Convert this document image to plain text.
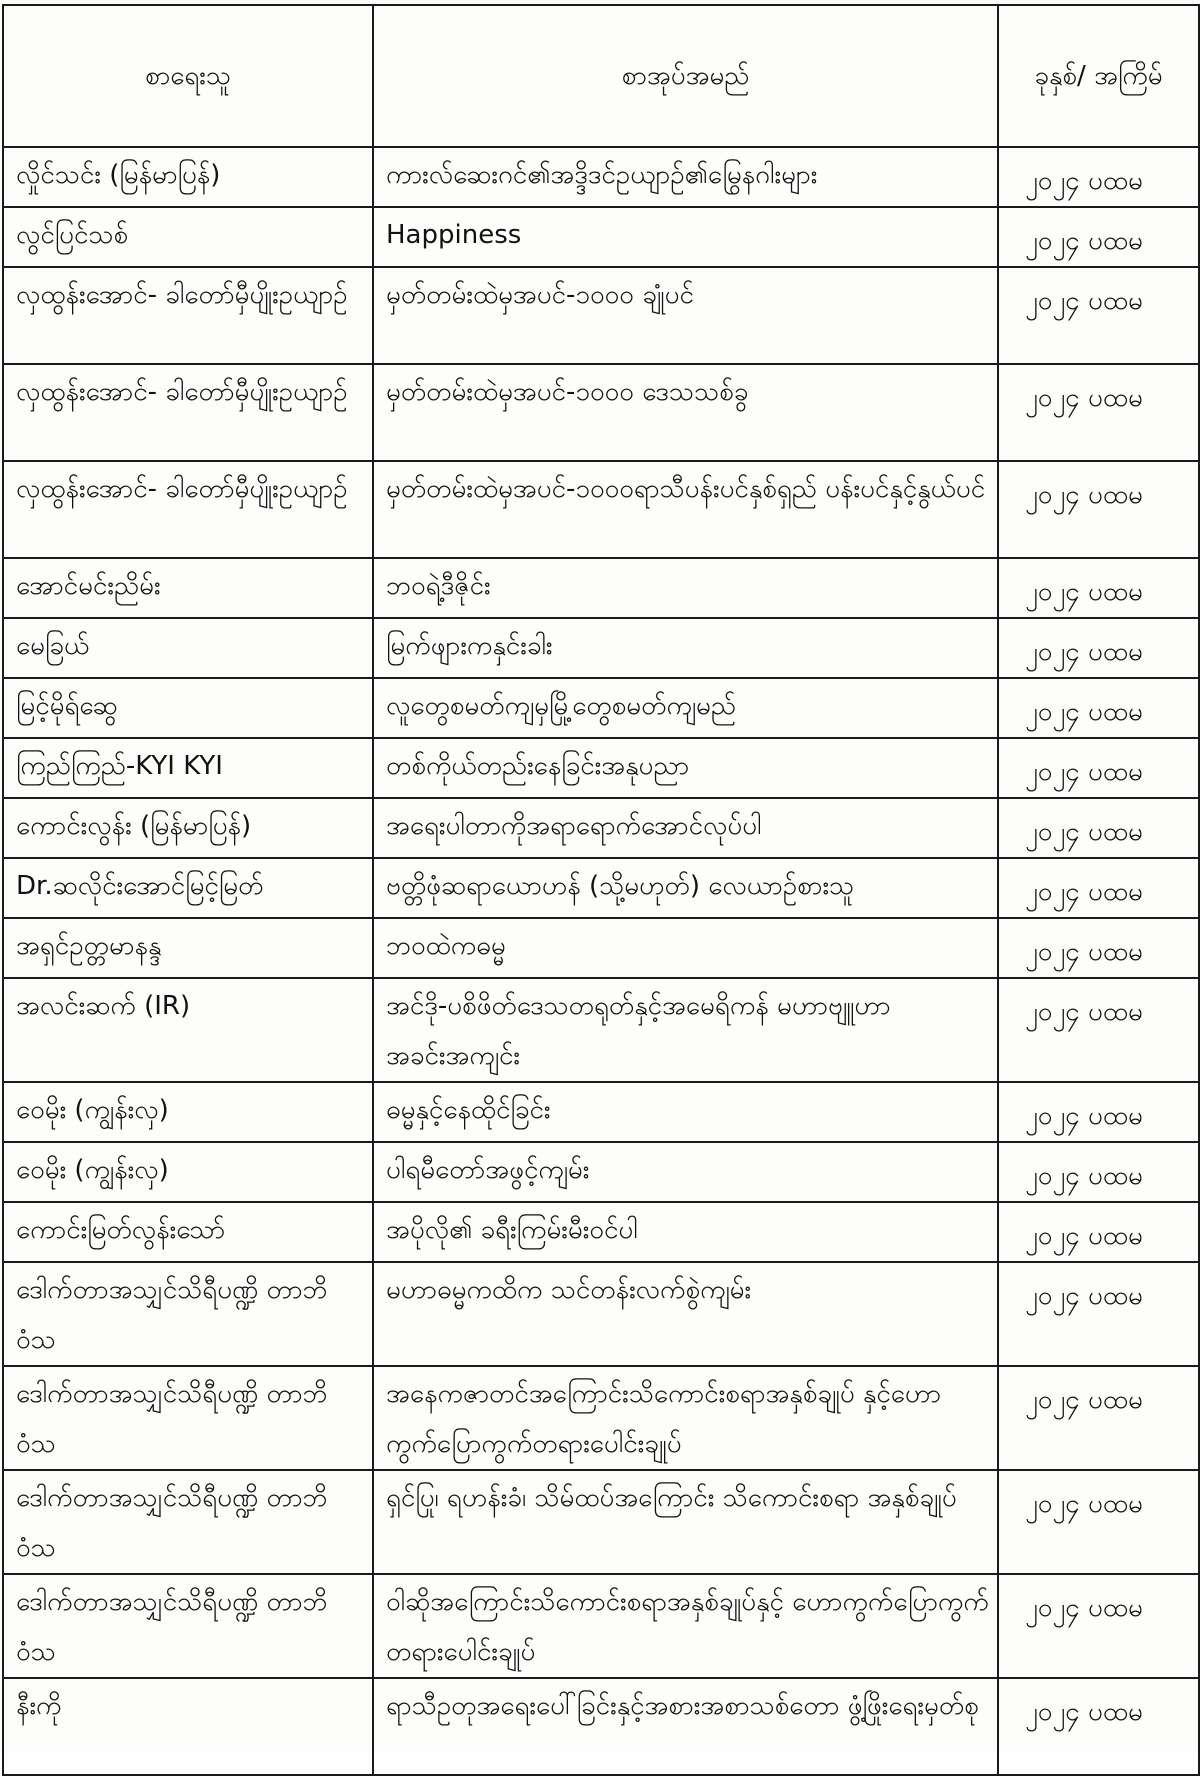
စာရေးသူ	စာအုပ်အမည်	ခုနှစ်/ အကြိမ်
လှိုင်သင်း (မြန်မာပြန်)	ကားလ်ဆေးဂင်၏အဒ္ဒိဒင်ဥယျာဉ်၏မြွေနဂါးများ	၂၀၂၄ ပထမ
လွင်ပြင်သစ်	Happiness	၂၀၂၄ ပထမ
လှထွန်းအောင်- ခါတော်မှီပျိုးဥယျာဉ်	မှတ်တမ်းထဲမှအပင်-၁၀၀၀ ချုံပင်	၂၀၂၄ ပထမ
လှထွန်းအောင်- ခါတော်မှီပျိုးဥယျာဉ်	မှတ်တမ်းထဲမှအပင်-၁၀၀၀ ဒေသသစ်ခွ	၂၀၂၄ ပထမ
လှထွန်းအောင်- ခါတော်မှီပျိုးဥယျာဉ်	မှတ်တမ်းထဲမှအပင်-၁၀၀၀ရာသီပန်းပင်နှစ်ရှည် ပန်းပင်နှင့်နွယ်ပင်	၂၀၂၄ ပထမ
အောင်မင်းညိမ်း	ဘဝရဲ့ဒီဇိုင်း	၂၀၂၄ ပထမ
မေခြယ်	မြက်ဖျားကနှင်းခါး	၂၀၂၄ ပထမ
မြင့်မိုရ်ဆွေ	လူတွေစမတ်ကျမှမြို့တွေစမတ်ကျမည်	၂၀၂၄ ပထမ
ကြည်ကြည်-KYI KYI	တစ်ကိုယ်တည်းနေခြင်းအနုပညာ	၂၀၂၄ ပထမ
ကောင်းလွန်း (မြန်မာပြန်)	အရေးပါတာကိုအရာရောက်အောင်လုပ်ပါ	၂၀၂၄ ပထမ
Dr.ဆလိုင်းအောင်မြင့်မြတ်	ဗတ္တိဖုံဆရာယောဟန် (သို့မဟုတ်) လေယာဉ်စားသူ	၂၀၂၄ ပထမ
အရှင်ဥတ္တမာနန္ဒ	ဘဝထဲကဓမ္မ	၂၀၂၄ ပထမ
အလင်းဆက် (IR)	အင်ဒို-ပစိဖိတ်ဒေသတရုတ်နှင့်အမေရိကန် မဟာဗျူဟာအခင်းအကျင်း	၂၀၂၄ ပထမ
ဝေမိုး (ကျွန်းလှ)	ဓမ္မနှင့်နေထိုင်ခြင်း	၂၀၂၄ ပထမ
ဝေမိုး (ကျွန်းလှ)	ပါရမီတော်အဖွင့်ကျမ်း	၂၀၂၄ ပထမ
ကောင်းမြတ်လွန်းသော်	အပိုလို၏ ခရီးကြမ်းမီးဝင်ပါ	၂၀၂၄ ပထမ
ဒေါက်တာအသျှင်သိရီပဏ္ဍိ တာဘိဝံသ	မဟာဓမ္မကထိက သင်တန်းလက်စွဲကျမ်း	၂၀၂၄ ပထမ
ဒေါက်တာအသျှင်သိရီပဏ္ဍိ တာဘိဝံသ	အနေကဇာတင်အကြောင်းသိကောင်းစရာအနှစ်ချုပ် နှင့်ဟောကွက်ပြောကွက်တရားပေါင်းချုပ်	၂၀၂၄ ပထမ
ဒေါက်တာအသျှင်သိရီပဏ္ဍိ တာဘိဝံသ	ရှင်ပြု၊ ရဟန်းခံ၊ သိမ်ထပ်အကြောင်း သိကောင်းစရာ အနှစ်ချုပ်	၂၀၂၄ ပထမ
ဒေါက်တာအသျှင်သိရီပဏ္ဍိ တာဘိဝံသ	ဝါဆိုအကြောင်းသိကောင်းစရာအနှစ်ချုပ်နှင့် ဟောကွက်ပြောကွက်တရားပေါင်းချုပ်	၂၀၂၄ ပထမ
နီးကို	ရာသီဥတုအရေးပေါ်ခြင်းနှင့်အစားအစာသစ်တော ဖွံ့ဖြိုးရေးမှတ်စု	၂၀၂၄ ပထမ
